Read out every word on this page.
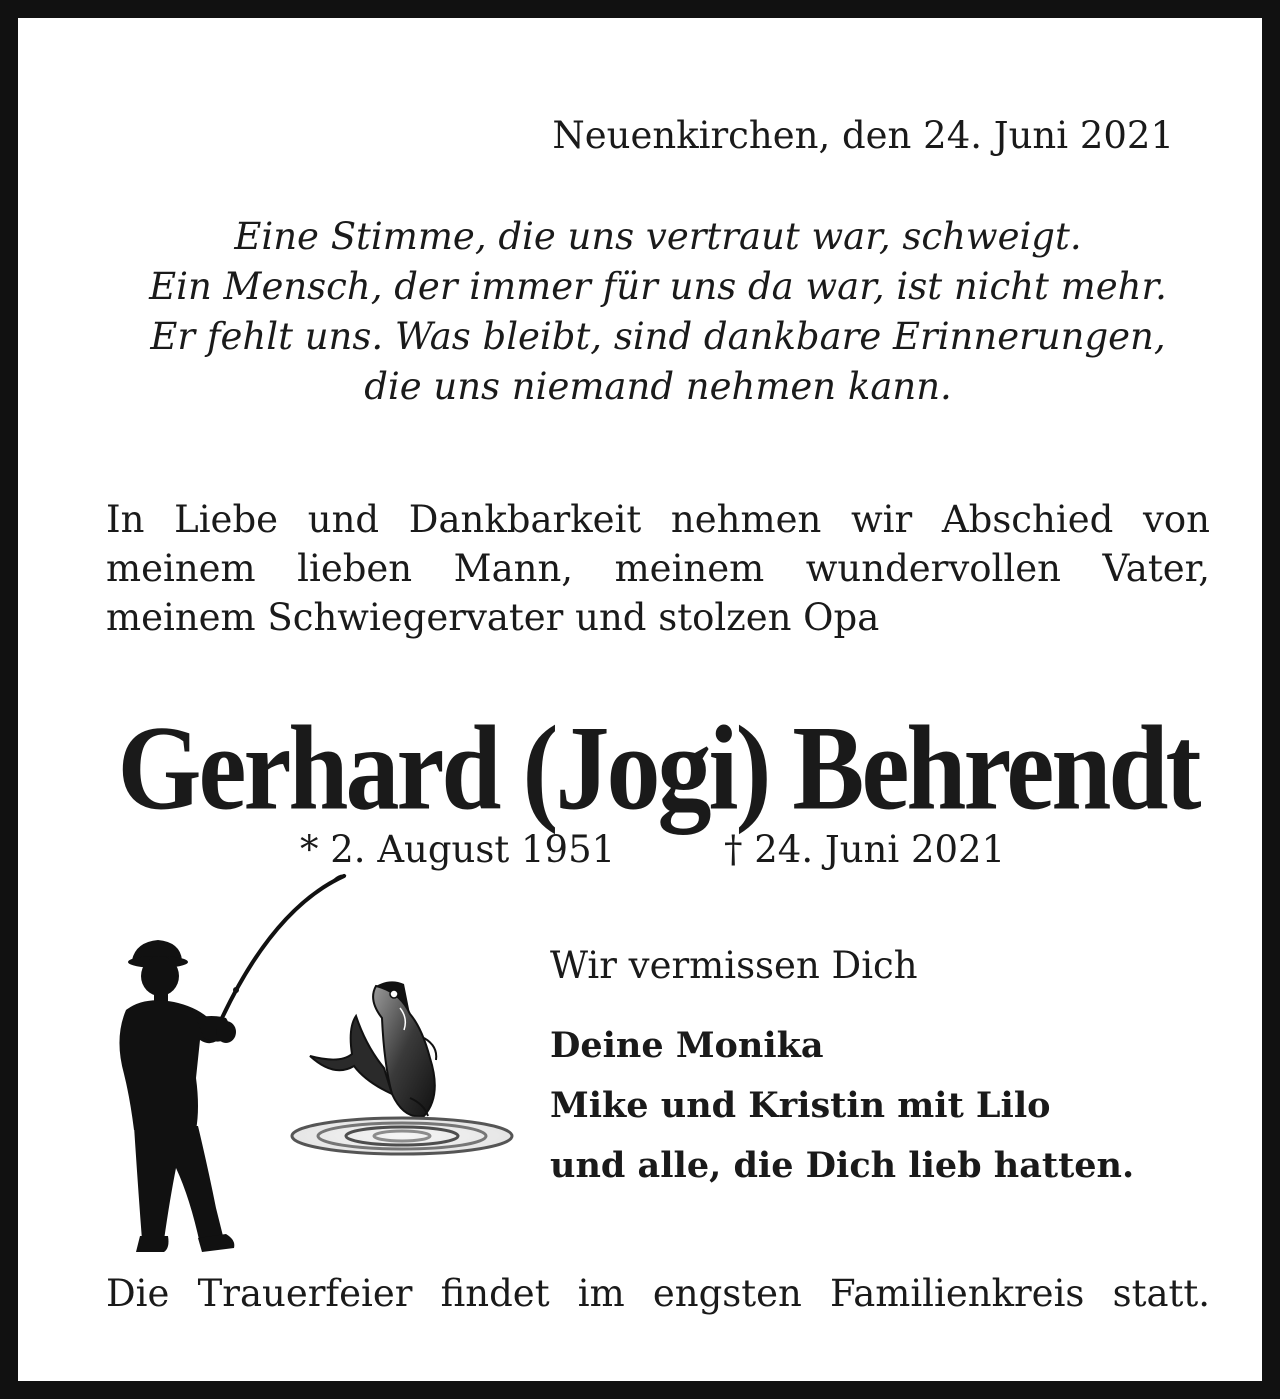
Neuenkirchen, den 24. Juni 2021
Eine Stimme, die uns vertraut war, schweigt.
Ein Mensch, der immer für uns da war, ist nicht mehr.
Er fehlt uns. Was bleibt, sind dankbare Erinnerungen,
die uns niemand nehmen kann.
In Liebe und Dankbarkeit nehmen wir Abschied von
meinem lieben Mann, meinem wundervollen Vater,
meinem Schwiegervater und stolzen Opa
Gerhard (Jogi) Behrendt
* 2. August 1951	† 24. Juni 2021
Wir vermissen Dich
Deine Monika
Mike und Kristin mit Lilo
und alle, die Dich lieb hatten.
Die Trauerfeier findet im engsten Familienkreis statt.
